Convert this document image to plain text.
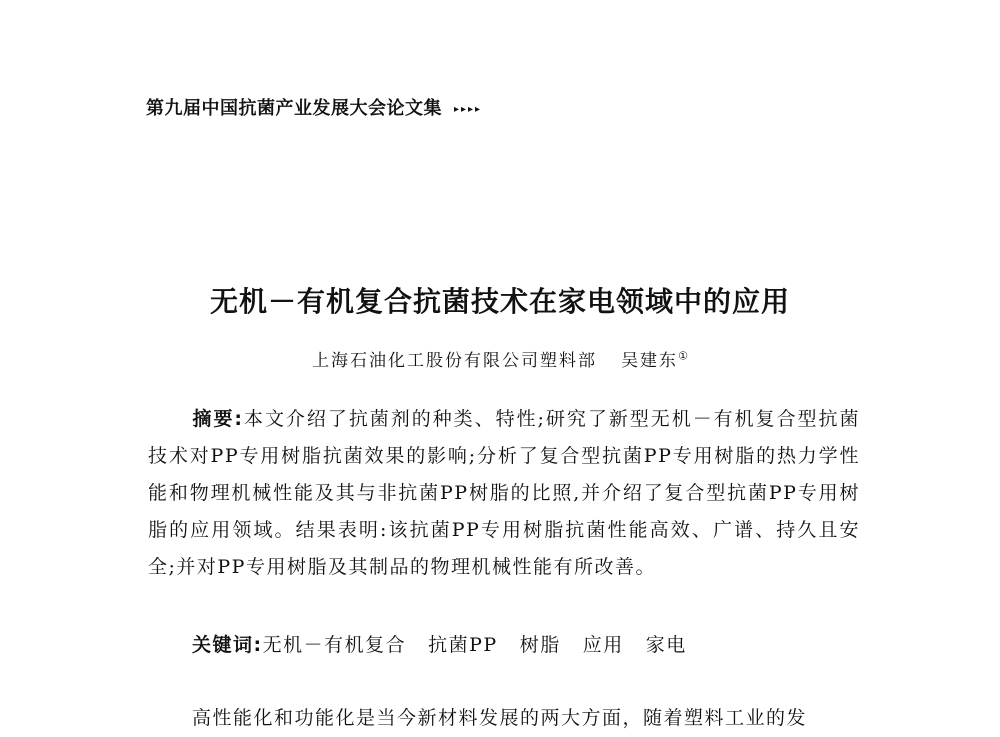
第九届中国抗菌产业发展大会论文集 ▸▸▸▸
无机－有机复合抗菌技术在家电领域中的应用
上海石油化工股份有限公司塑料部 吴建东①
摘要:本文介绍了抗菌剂的种类、特性;研究了新型无机－有机复合型抗菌技术对PP专用树脂抗菌效果的影响;分析了复合型抗菌PP专用树脂的热力学性能和物理机械性能及其与非抗菌PP树脂的比照,并介绍了复合型抗菌PP专用树脂的应用领域。结果表明:该抗菌PP专用树脂抗菌性能高效、广谱、持久且安全;并对PP专用树脂及其制品的物理机械性能有所改善。
关键词:无机－有机复合 抗菌PP 树脂 应用 家电
高性能化和功能化是当今新材料发展的两大方面，随着塑料工业的发
